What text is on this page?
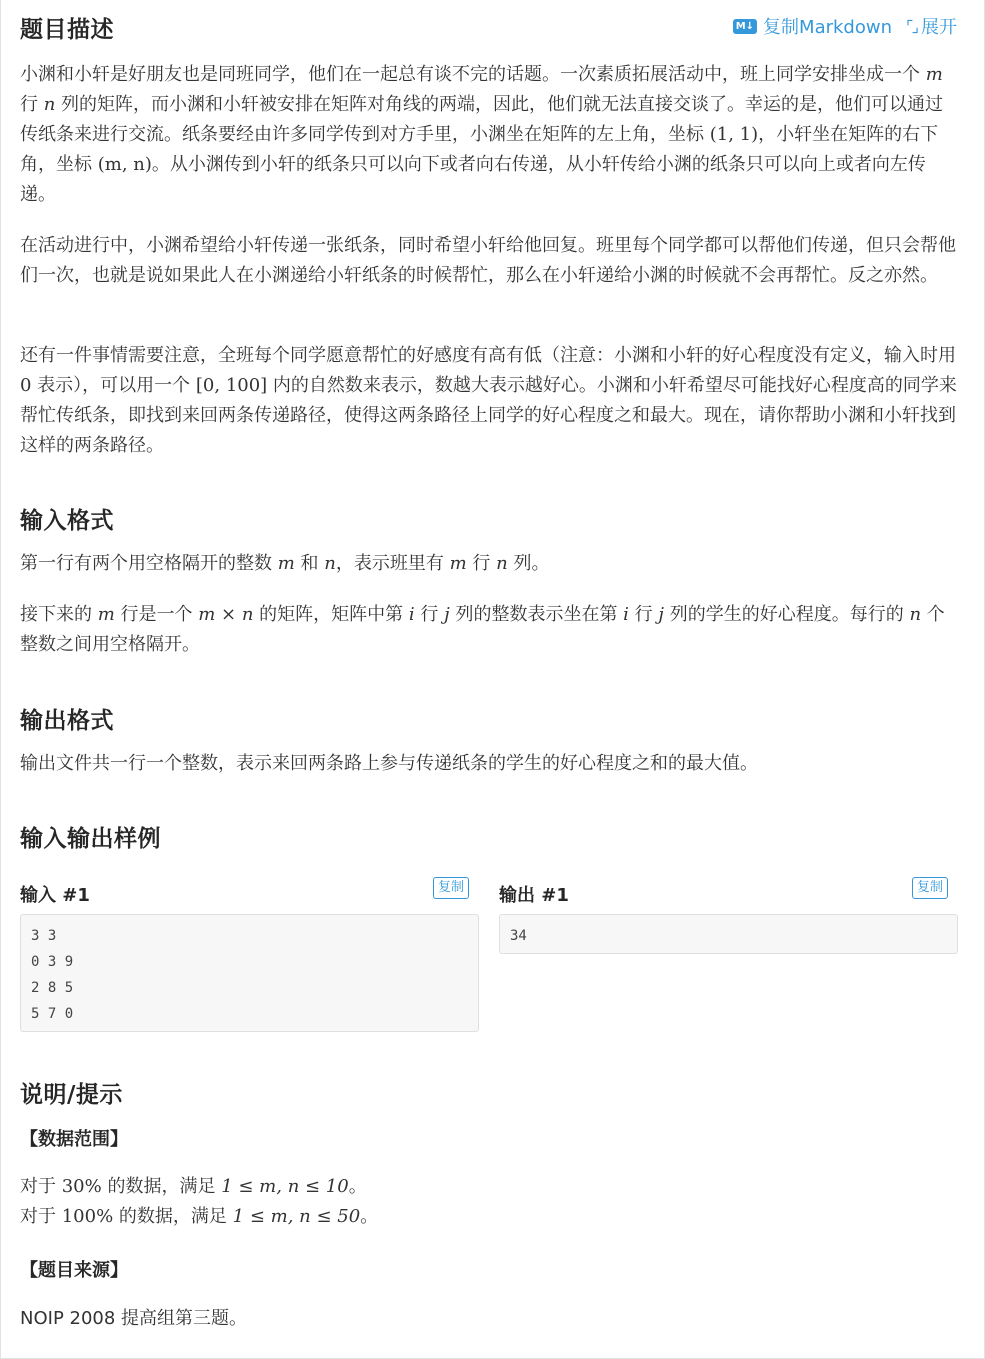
题目描述	M↓ 复制Markdown ⌜⌟ 展开

小渊和小轩是好朋友也是同班同学，他们在一起总有谈不完的话题。一次素质拓展活动中，班上同学安排坐成一个 m 行 n 列的矩阵，而小渊和小轩被安排在矩阵对角线的两端，因此，他们就无法直接交谈了。幸运的是，他们可以通过传纸条来进行交流。纸条要经由许多同学传到对方手里，小渊坐在矩阵的左上角，坐标 (1, 1)，小轩坐在矩阵的右下角，坐标 (m, n)。从小渊传到小轩的纸条只可以向下或者向右传递，从小轩传给小渊的纸条只可以向上或者向左传递。

在活动进行中，小渊希望给小轩传递一张纸条，同时希望小轩给他回复。班里每个同学都可以帮他们传递，但只会帮他们一次，也就是说如果此人在小渊递给小轩纸条的时候帮忙，那么在小轩递给小渊的时候就不会再帮忙。反之亦然。

还有一件事情需要注意，全班每个同学愿意帮忙的好感度有高有低（注意：小渊和小轩的好心程度没有定义，输入时用 0 表示），可以用一个 [0, 100] 内的自然数来表示，数越大表示越好心。小渊和小轩希望尽可能找好心程度高的同学来帮忙传纸条，即找到来回两条传递路径，使得这两条路径上同学的好心程度之和最大。现在，请你帮助小渊和小轩找到这样的两条路径。

输入格式

第一行有两个用空格隔开的整数 m 和 n，表示班里有 m 行 n 列。

接下来的 m 行是一个 m × n 的矩阵，矩阵中第 i 行 j 列的整数表示坐在第 i 行 j 列的学生的好心程度。每行的 n 个整数之间用空格隔开。

输出格式

输出文件共一行一个整数，表示来回两条路上参与传递纸条的学生的好心程度之和的最大值。

输入输出样例
输入 #1	复制
3 3
0 3 9
2 8 5
5 7 0
输出 #1	复制
34
说明/提示
【数据范围】

对于 30% 的数据，满足 1 ≤ m, n ≤ 10。

对于 100% 的数据，满足 1 ≤ m, n ≤ 50。

【题目来源】

NOIP 2008 提高组第三题。
